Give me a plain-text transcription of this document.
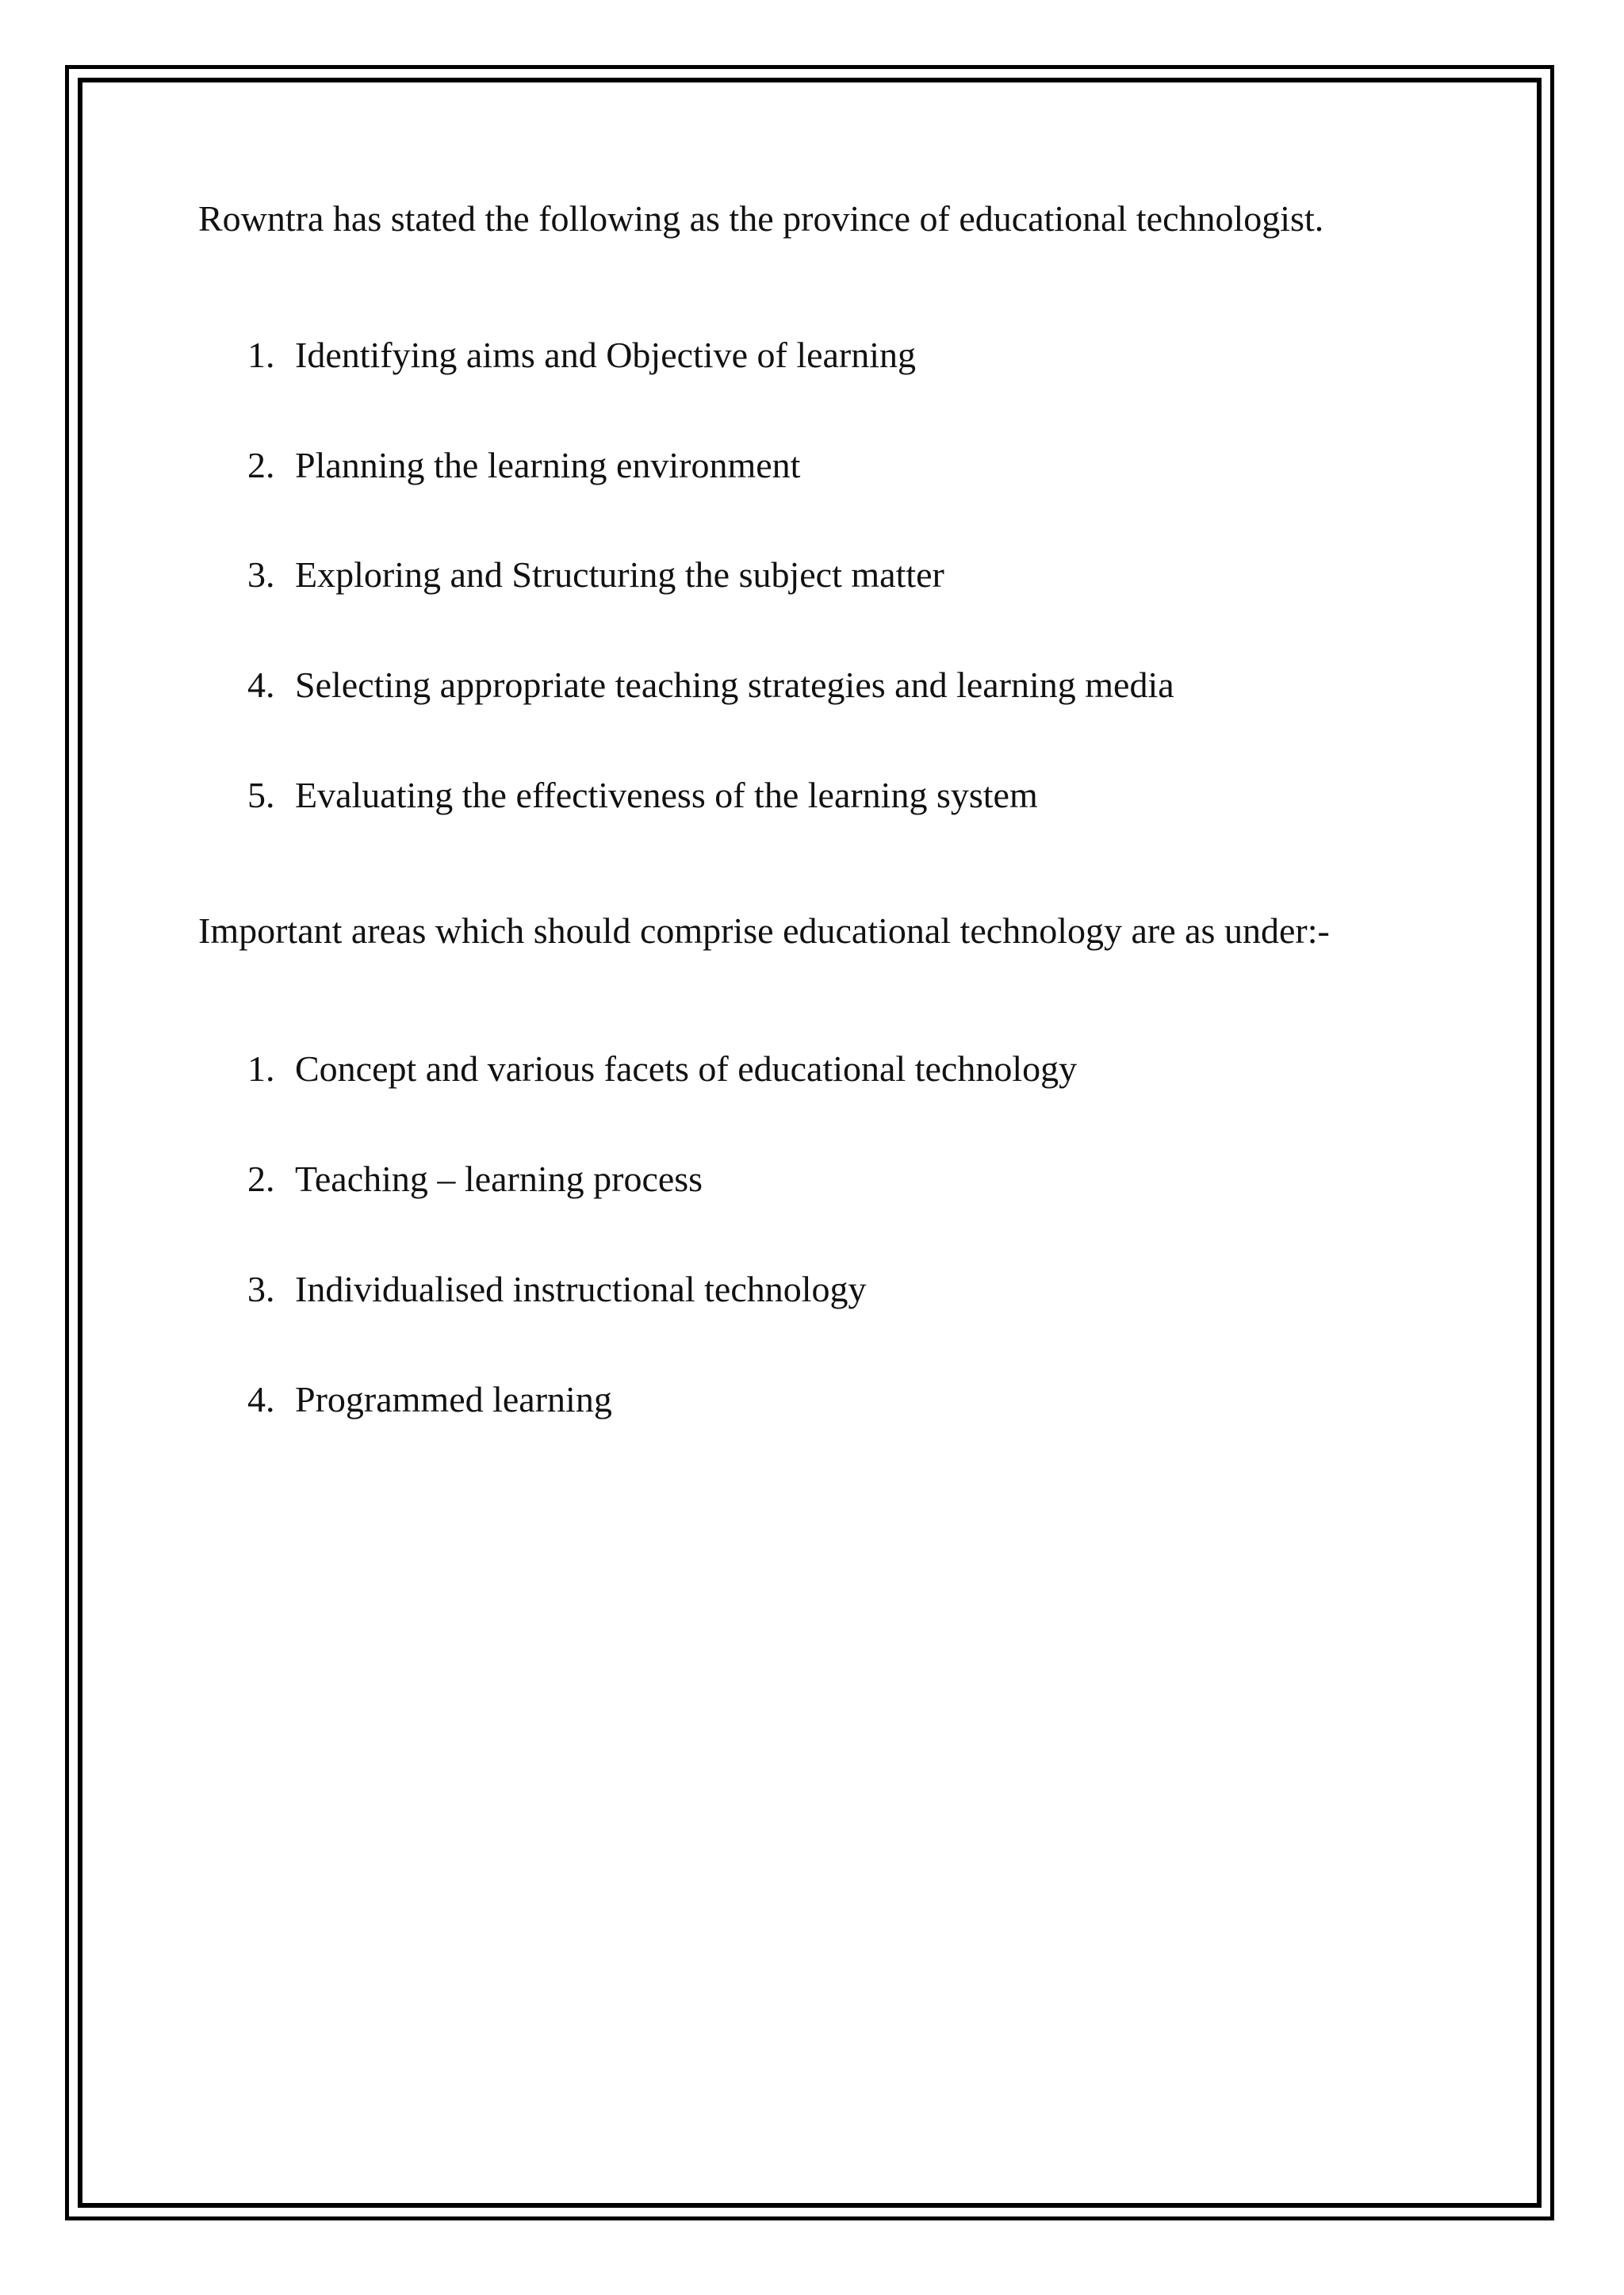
Rowntra has stated the following as the province of educational technologist.
1. Identifying aims and Objective of learning
2. Planning the learning environment
3. Exploring and Structuring the subject matter
4. Selecting appropriate teaching strategies and learning media
5. Evaluating the effectiveness of the learning system
Important areas which should comprise educational technology are as under:-
1. Concept and various facets of educational technology
2. Teaching – learning process
3. Individualised instructional technology
4. Programmed learning
